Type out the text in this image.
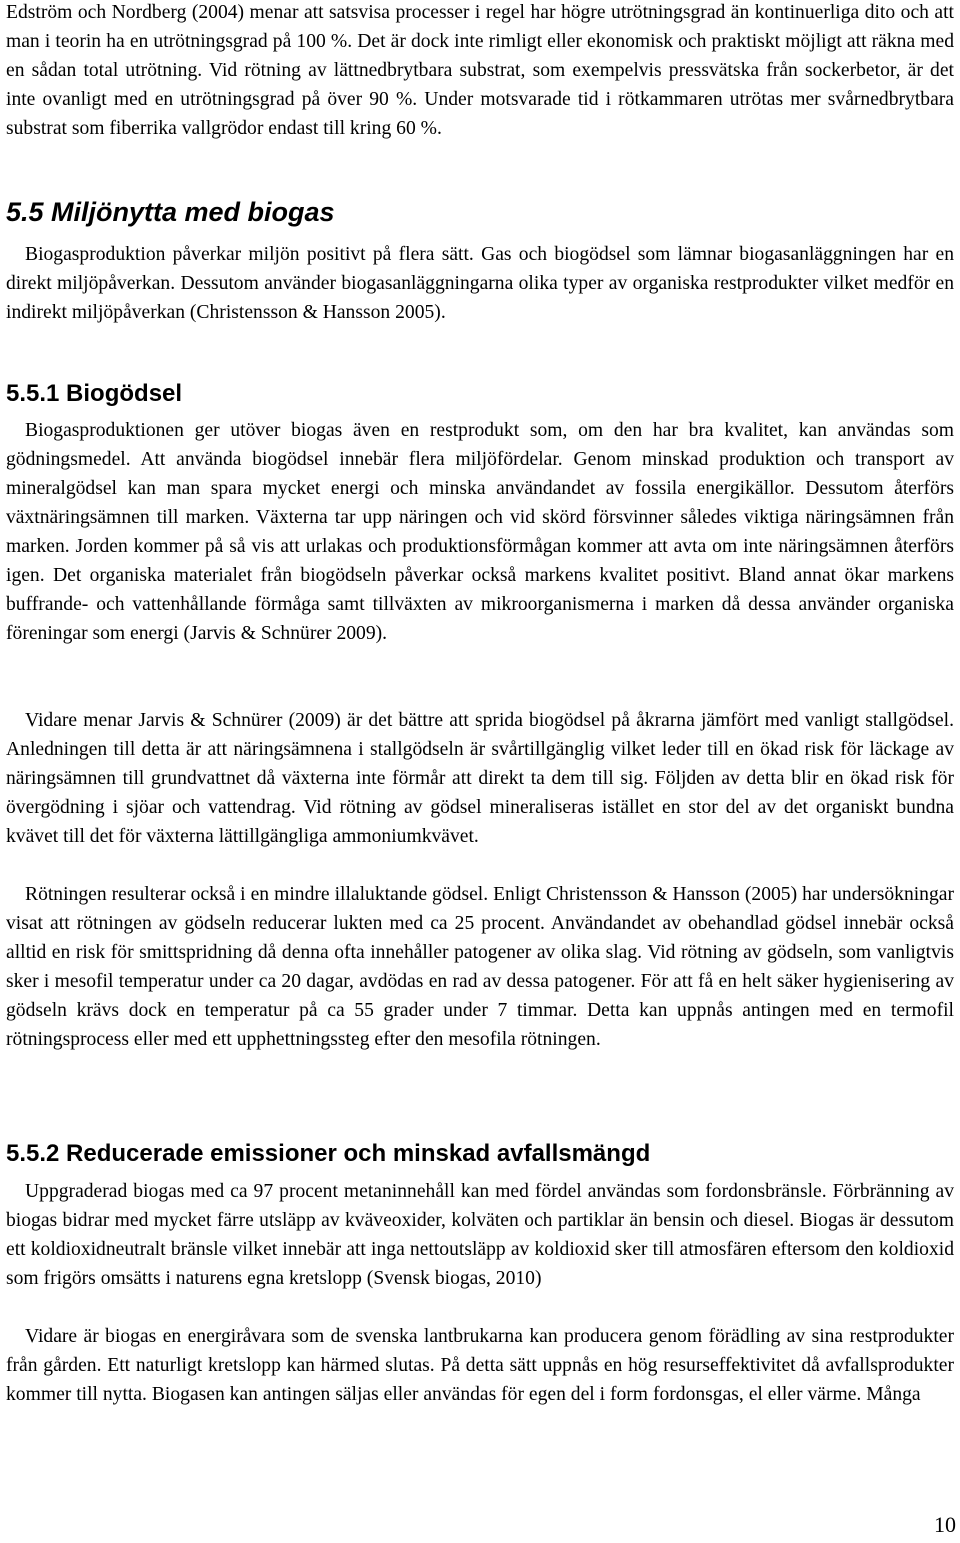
Edström och Nordberg (2004) menar att satsvisa processer i regel har högre utrötningsgrad än kontinuerliga dito och att man i teorin ha en utrötningsgrad på 100 %. Det är dock inte rimligt eller ekonomisk och praktiskt möjligt att räkna med en sådan total utrötning. Vid rötning av lättnedbrytbara substrat, som exempelvis pressvätska från sockerbetor, är det inte ovanligt med en utrötningsgrad på över 90 %. Under motsvarade tid i rötkammaren utrötas mer svårnedbrytbara substrat som fiberrika vallgrödor endast till kring 60 %.

5.5 Miljönytta med biogas

Biogasproduktion påverkar miljön positivt på flera sätt. Gas och biogödsel som lämnar biogasanläggningen har en direkt miljöpåverkan. Dessutom använder biogasanläggningarna olika typer av organiska restprodukter vilket medför en indirekt miljöpåverkan (Christensson & Hansson 2005).

5.5.1 Biogödsel

Biogasproduktionen ger utöver biogas även en restprodukt som, om den har bra kvalitet, kan användas som gödningsmedel. Att använda biogödsel innebär flera miljöfördelar. Genom minskad produktion och transport av mineralgödsel kan man spara mycket energi och minska användandet av fossila energikällor. Dessutom återförs växtnäringsämnen till marken. Växterna tar upp näringen och vid skörd försvinner således viktiga näringsämnen från marken. Jorden kommer på så vis att urlakas och produktionsförmågan kommer att avta om inte näringsämnen återförs igen. Det organiska materialet från biogödseln påverkar också markens kvalitet positivt. Bland annat ökar markens buffrande- och vattenhållande förmåga samt tillväxten av mikroorganismerna i marken då dessa använder organiska föreningar som energi (Jarvis & Schnürer 2009).

Vidare menar Jarvis & Schnürer (2009) är det bättre att sprida biogödsel på åkrarna jämfört med vanligt stallgödsel. Anledningen till detta är att näringsämnena i stallgödseln är svårtillgänglig vilket leder till en ökad risk för läckage av näringsämnen till grundvattnet då växterna inte förmår att direkt ta dem till sig. Följden av detta blir en ökad risk för övergödning i sjöar och vattendrag. Vid rötning av gödsel mineraliseras istället en stor del av det organiskt bundna kvävet till det för växterna lättillgängliga ammoniumkvävet.

Rötningen resulterar också i en mindre illaluktande gödsel. Enligt Christensson & Hansson (2005) har undersökningar visat att rötningen av gödseln reducerar lukten med ca 25 procent. Användandet av obehandlad gödsel innebär också alltid en risk för smittspridning då denna ofta innehåller patogener av olika slag. Vid rötning av gödseln, som vanligtvis sker i mesofil temperatur under ca 20 dagar, avdödas en rad av dessa patogener. För att få en helt säker hygienisering av gödseln krävs dock en temperatur på ca 55 grader under 7 timmar. Detta kan uppnås antingen med en termofil rötningsprocess eller med ett upphettningssteg efter den mesofila rötningen.

5.5.2 Reducerade emissioner och minskad avfallsmängd

Uppgraderad biogas med ca 97 procent metaninnehåll kan med fördel användas som fordonsbränsle. Förbränning av biogas bidrar med mycket färre utsläpp av kväveoxider, kolväten och partiklar än bensin och diesel. Biogas är dessutom ett koldioxidneutralt bränsle vilket innebär att inga nettoutsläpp av koldioxid sker till atmosfären eftersom den koldioxid som frigörs omsätts i naturens egna kretslopp (Svensk biogas, 2010)

Vidare är biogas en energiråvara som de svenska lantbrukarna kan producera genom förädling av sina restprodukter från gården. Ett naturligt kretslopp kan härmed slutas. På detta sätt uppnås en hög resurseffektivitet då avfallsprodukter kommer till nytta. Biogasen kan antingen säljas eller användas för egen del i form fordonsgas, el eller värme. Många

10
